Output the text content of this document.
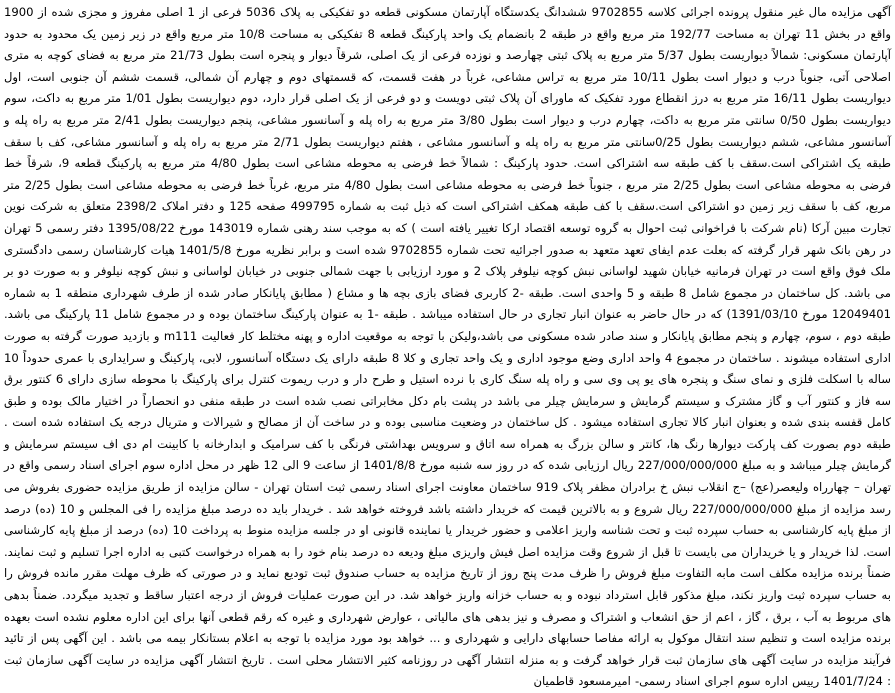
آگهی مزایده مال غیر منقول پرونده اجرائی کلاسه 9702855 ششدانگ یکدستگاه آپارتمان مسکونی قطعه دو تفکیکی به پلاک 5036 فرعی از 1 اصلی مفروز و مجزی شده از 1900 واقع در بخش 11 تهران به مساحت 192/77 متر مربع واقع در طبقه 2 بانضمام یک واحد پارکینگ قطعه 8 تفکیکی به مساحت 10/8 متر مربع واقع در زیر زمین یک محدود به حدود آپارتمان مسکونی: شمالاً دیواریست بطول 5/37 متر مربع به پلاک ثبتی چهارصد و نوزده فرعی از یک اصلی، شرقاً دیوار و پنجره است بطول 21/73 متر مربع به فضای کوچه به متری اصلاحی آتی، جنوباً درب و دیوار است بطول 10/11 متر مربع به تراس مشاعی، غرباً در هفت قسمت، که قسمتهای دوم و چهارم آن شمالی، قسمت ششم آن جنوبی است، اول دیواریست بطول 16/11 متر مربع به درز انقطاع مورد تفکیک که ماورای آن پلاک ثبتی دویست و دو فرعی از یک اصلی قرار دارد، دوم دیواریست بطول 1/01 متر مربع به داکت، سوم دیواریست بطول 0/50 سانتی متر مربع به داکت، چهارم درب و دیوار است بطول 3/80 متر مربع به راه پله و آسانسور مشاعی، پنجم دیواریست بطول 2/41 متر مربع به راه پله و آسانسور مشاعی، ششم دیواریست بطول 0/25سانتی متر مربع به راه پله و آسانسور مشاعی ، هفتم دیواریست بطول 2/71 متر مربع به راه پله و آسانسور مشاعی، کف با سقف طبقه یک اشتراکی است.سقف با کف طبقه سه اشتراکی است. حدود پارکینگ : شمالاً خط فرضی به محوطه مشاعی است بطول 4/80 متر مربع به پارکینگ قطعه 9، شرقاً خط فرضی به محوطه مشاعی است بطول 2/25 متر مربع ، جنوباً خط فرضی به محوطه مشاعی است بطول 4/80 متر مربع، غرباً خط فرضی به محوطه مشاعی است بطول 2/25 متر مربع، کف با سقف زیر زمین دو اشتراکی است.سقف با کف طبقه همکف اشتراکی است که ذیل ثبت به شماره 499795 صفحه 125 و دفتر املاک 2398/2 متعلق به شرکت نوین تجارت مبین آرکا (نام شرکت با فراخوانی ثبت احوال به گروه توسعه اقتصاد ارکا تغییر یافته است ) که به موجب سند رهنی شماره 143019 مورخ 1395/08/22 دفتر رسمی 5 تهران در رهن بانک شهر قرار گرفته که بعلت عدم ایفای تعهد متعهد به صدور اجرائیه تحت شماره 9702855 شده است و برابر نظریه مورخ 1401/5/8 هیات کارشناسان رسمی دادگستری ملک فوق واقع است در تهران فرمانیه خیابان شهید لواسانی نبش کوچه نیلوفر پلاک 2 و مورد ارزیابی با جهت شمالی جنوبی در خیابان لواسانی و نبش کوچه نیلوفر و به صورت دو بر می باشد. کل ساختمان در مجموع شامل 8 طبقه و 5 واحدی است. طبقه -2 کاربری فضای بازی بچه ها و مشاع ( مطابق پایانکار صادر شده از طرف شهرداری منطقه 1 به شماره 12049401 مورخ 1391/03/10) که در حال حاضر به عنوان انبار تجاری در حال استفاده میباشد . طبقه -1 به عنوان پارکینگ ساختمان بوده و در مجموع شامل 11 پارکینگ می باشد. طبقه دوم ، سوم، چهارم و پنجم مطابق پایانکار و سند صادر شده مسکونی می باشد،ولیکن با توجه به موقعیت اداره و پهنه مختلط کار فعالیت m111 و بازدید صورت گرفته به صورت اداری استفاده میشوند . ساختمان در مجموع 4 واحد اداری وضع موجود اداری و یک واحد تجاری و کلا 8 طبقه دارای یک دستگاه آسانسور، لابی، پارکینگ و سرایداری با عمری حدوداً 10 ساله با اسکلت فلزی و نمای سنگ و پنجره های یو پی وی سی و راه پله سنگ کاری با نرده استیل و طرح دار و درب ریموت کنترل برای پارکینگ با محوطه سازی دارای 6 کنتور برق سه فاز و کنتور آب و گاز مشترک و سیستم گرمایش و سرمایش چیلر می باشد در پشت بام دکل مخابراتی نصب شده است در طبقه منفی دو انحصاراً در اختیار مالک بوده و طبق کامل قفسه بندی شده و بعنوان انبار کالا تجاری استفاده میشود . کل ساختمان در وضعیت مناسبی بوده و در ساخت آن از مصالح و شیرالات و متریال درجه یک استفاده شده است . طبقه دوم بصورت کف پارکت دیوارها رنگ ها، کانتر و سالن بزرگ به همراه سه اتاق و سرویس بهداشتی فرنگی با کف سرامیک و ابدارخانه با کابینت ام دی اف سیستم سرمایش و گرمایش چیلر میباشد و به مبلغ 227/000/000/000 ریال ارزیابی شده که در روز سه شنبه مورخ 1401/8/8 از ساعت 9 الی 12 ظهر در محل اداره سوم اجرای اسناد رسمی واقع در تهران – چهارراه ولیعصر(عج) –ج انقلاب نبش خ برادران مظفر پلاک 919 ساختمان معاونت اجرای اسناد رسمی ثبت استان تهران - سالن مزایده از طریق مزایده حضوری بفروش می رسد مزایده از مبلغ 227/000/000/000 ریال شروع و به بالاترین قیمت که خریدار داشته باشد فروخته خواهد شد . خریدار باید ده درصد مبلغ مزایده را فی المجلس و 10 (ده) درصد از مبلغ پایه کارشناسی به حساب سپرده ثبت و تحت شناسه واریز اعلامی و حضور خریدار یا نماینده قانونی او در جلسه مزایده منوط به پرداخت 10 (ده) درصد از مبلغ پایه کارشناسی است. لذا خریدار و یا خریداران می بایست تا قبل از شروع وقت مزایده اصل فیش واریزی مبلغ ودیعه ده درصد بنام خود را به همراه درخواست کتبی به اداره اجرا تسلیم و ثبت نمایند. ضمناً برنده مزایده مکلف است مابه التفاوت مبلغ فروش را ظرف مدت پنج روز از تاریخ مزایده به حساب صندوق ثبت تودیع نماید و در صورتی که ظرف مهلت مقرر مانده فروش را به حساب سپرده ثبت واریز نکند، مبلغ مذکور قابل استرداد نبوده و به حساب خزانه واریز خواهد شد. در این صورت عملیات فروش از درجه اعتبار ساقط و تجدید میگردد. ضمناً بدهی های مربوط به آب ، برق ، گاز ، اعم از حق انشعاب و اشتراک و مصرف و نیز بدهی های مالیاتی ، عوارض شهرداری و غیره که رقم قطعی آنها برای این اداره معلوم نشده است بعهده برنده مزایده است و تنظیم سند انتقال موکول به ارائه مفاصا حسابهای دارایی و شهرداری و ... خواهد بود مورد مزایده با توجه به اعلام بستانکار بیمه می باشد . این آگهی پس از تائید فرآیند مزایده در سایت آگهی های سازمان ثبت قرار خواهد گرفت و به منزله انتشار آگهی در روزنامه کثیر الانتشار محلی است . تاریخ انتشار آگهی مزایده در سایت آگهی سازمان ثبت : 1401/7/24 رییس اداره سوم اجرای اسناد رسمی- امیرمسعود قاطمیان
